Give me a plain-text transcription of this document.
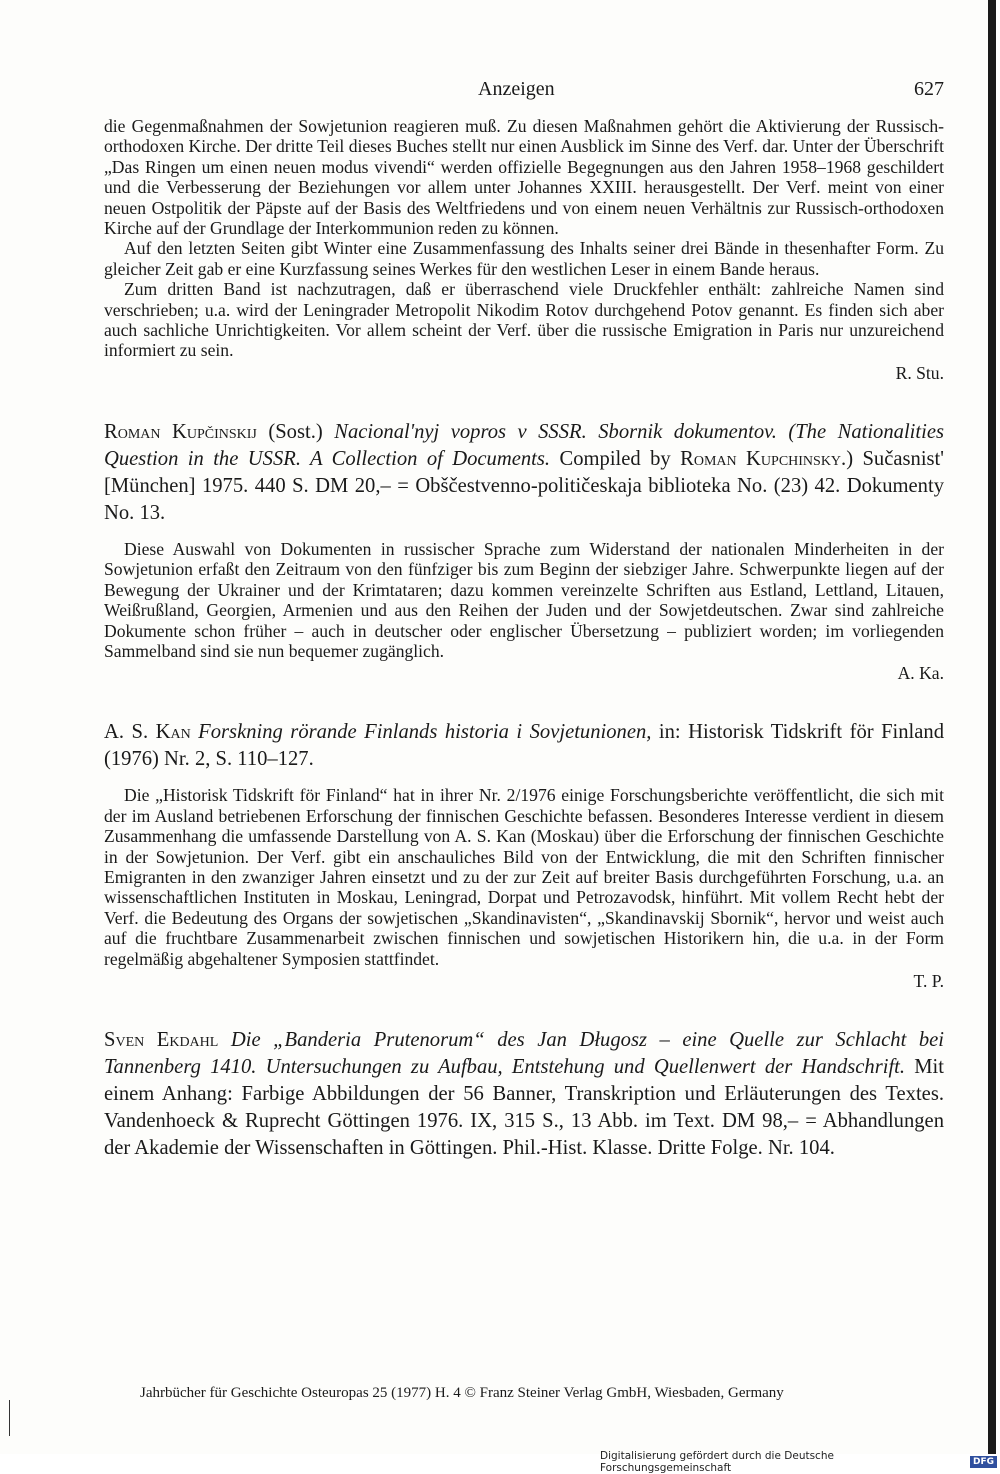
Anzeigen	627

die Gegenmaßnahmen der Sowjetunion reagieren muß. Zu diesen Maßnahmen gehört die Aktivierung der Russisch-orthodoxen Kirche. Der dritte Teil dieses Buches stellt nur einen Ausblick im Sinne des Verf. dar. Unter der Überschrift „Das Ringen um einen neuen modus vivendi“ werden offizielle Begegnungen aus den Jahren 1958–1968 geschildert und die Verbesserung der Beziehungen vor allem unter Johannes XXIII. herausgestellt. Der Verf. meint von einer neuen Ostpolitik der Päpste auf der Basis des Weltfriedens und von einem neuen Verhältnis zur Russisch-orthodoxen Kirche auf der Grundlage der Interkommunion reden zu können.

Auf den letzten Seiten gibt Winter eine Zusammenfassung des Inhalts seiner drei Bände in thesenhafter Form. Zu gleicher Zeit gab er eine Kurzfassung seines Werkes für den westlichen Leser in einem Bande heraus.

Zum dritten Band ist nachzutragen, daß er überraschend viele Druckfehler enthält: zahlreiche Namen sind verschrieben; u.a. wird der Leningrader Metropolit Nikodim Rotov durchgehend Potov genannt. Es finden sich aber auch sachliche Unrichtigkeiten. Vor allem scheint der Verf. über die russische Emigration in Paris nur unzureichend informiert zu sein.

R. Stu.
Roman Kupčinskij (Sost.) Nacional'nyj vopros v SSSR. Sbornik dokumentov. (The Nationalities Question in the USSR. A Collection of Documents. Compiled by Roman Kupchinsky.) Sučasnist' [München] 1975. 440 S. DM 20,– = Obščestvenno-političeskaja biblioteka No. (23) 42. Dokumenty No. 13.

Diese Auswahl von Dokumenten in russischer Sprache zum Widerstand der nationalen Minderheiten in der Sowjetunion erfaßt den Zeitraum von den fünfziger bis zum Beginn der siebziger Jahre. Schwerpunkte liegen auf der Bewegung der Ukrainer und der Krimtataren; dazu kommen vereinzelte Schriften aus Estland, Lettland, Litauen, Weißrußland, Georgien, Armenien und aus den Reihen der Juden und der Sowjetdeutschen. Zwar sind zahlreiche Dokumente schon früher – auch in deutscher oder englischer Übersetzung – publiziert worden; im vorliegenden Sammelband sind sie nun bequemer zugänglich.

A. Ka.
A. S. Kan Forskning rörande Finlands historia i Sovjetunionen, in: Historisk Tidskrift för Finland (1976) Nr. 2, S. 110–127.

Die „Historisk Tidskrift för Finland“ hat in ihrer Nr. 2/1976 einige Forschungsberichte veröffentlicht, die sich mit der im Ausland betriebenen Erforschung der finnischen Geschichte befassen. Besonderes Interesse verdient in diesem Zusammenhang die umfassende Darstellung von A. S. Kan (Moskau) über die Erforschung der finnischen Geschichte in der Sowjetunion. Der Verf. gibt ein anschauliches Bild von der Entwicklung, die mit den Schriften finnischer Emigranten in den zwanziger Jahren einsetzt und zu der zur Zeit auf breiter Basis durchgeführten Forschung, u.a. an wissenschaftlichen Instituten in Moskau, Leningrad, Dorpat und Petrozavodsk, hinführt. Mit vollem Recht hebt der Verf. die Bedeutung des Organs der sowjetischen „Skandinavisten“, „Skandinavskij Sbornik“, hervor und weist auch auf die fruchtbare Zusammenarbeit zwischen finnischen und sowjetischen Historikern hin, die u.a. in der Form regelmäßig abgehaltener Symposien stattfindet.

T. P.
Sven Ekdahl Die „Banderia Prutenorum“ des Jan Długosz – eine Quelle zur Schlacht bei Tannenberg 1410. Untersuchungen zu Aufbau, Entstehung und Quellenwert der Handschrift. Mit einem Anhang: Farbige Abbildungen der 56 Banner, Transkription und Erläuterungen des Textes. Vandenhoeck & Ruprecht Göttingen 1976. IX, 315 S., 13 Abb. im Text. DM 98,– = Abhandlungen der Akademie der Wissenschaften in Göttingen. Phil.-Hist. Klasse. Dritte Folge. Nr. 104.
Jahrbücher für Geschichte Osteuropas 25 (1977) H. 4 © Franz Steiner Verlag GmbH, Wiesbaden, Germany
Digitalisierung gefördert durch die Deutsche Forschungsgemeinschaft	DFG
